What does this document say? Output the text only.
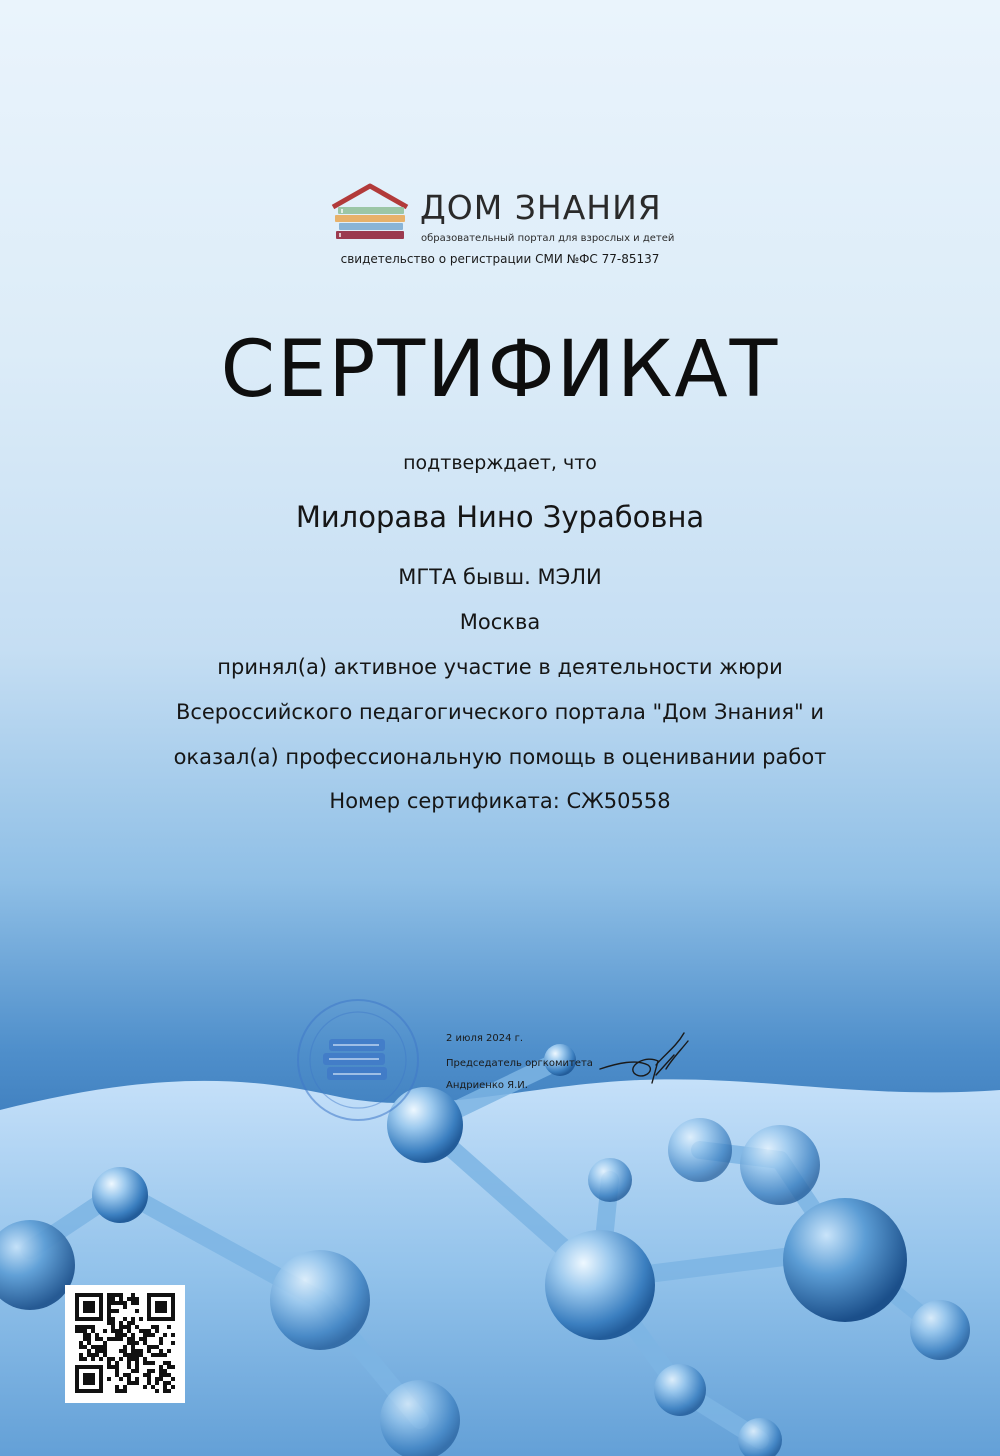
ДОМ ЗНАНИЯ
образовательный портал для взрослых и детей
свидетельство о регистрации СМИ №ФС 77-85137
СЕРТИФИКАТ
подтверждает, что
Милорава Нино Зурабовна
МГТА бывш. МЭЛИ
Москва
принял(а) активное участие в деятельности жюри
Всероссийского педагогического портала "Дом Знания" и
оказал(а) профессиональную помощь в оценивании работ
Номер сертификата: СЖ50558
2 июля 2024 г.
Председатель оргкомитета
Андриенко Я.И.
